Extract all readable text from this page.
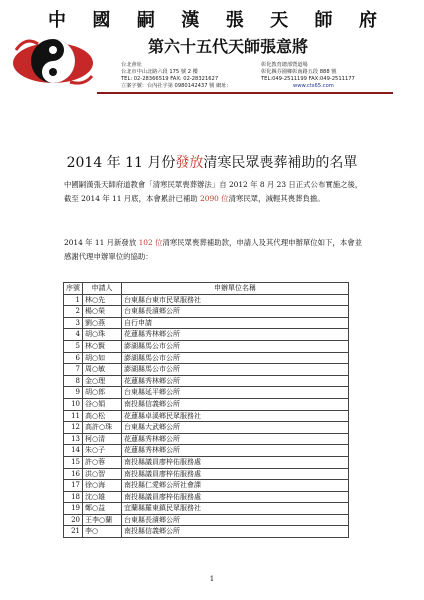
中 國 嗣 漢 張 天 師 府
第六十五代天師張意將
台北會址
台北市中山北路六段 175 號 2 樓
TEL: 02-28366519 FAX: 02-28321627
彰化教育總部暨道場
彰化縣芬園鄉彰南路五段 888 號
TEL:049-2511199 FAX:049-2511177
立案字號：台內社字第 0980142437 號 網址：	www.cts65.com
2014 年 11 月份發放清寒民眾喪葬補助的名單
中國嗣漢張天師府道教會「清寒民眾喪葬辦法」自 2012 年 8 月 23 日正式公布實施之後，截至 2014 年 11 月底，本會累計已補助 2090 位清寒民眾，減輕其喪葬負擔。
2014 年 11 月新發放 102 位清寒民眾喪葬補助款，申請人及其代理申辦單位如下，本會並感謝代理申辦單位的協助：
序號	申請人	申辦單位名稱
1	林○先	台東縣台東市民眾服務社
2	楊○榮	台東縣長濱鄉公所
3	劉○燕	自行申請
4	胡○珠	花蓮縣秀林鄉公所
5	林○賢	澎湖縣馬公市公所
6	胡○如	澎湖縣馬公市公所
7	周○敏	澎湖縣馬公市公所
8	金○理	花蓮縣秀林鄉公所
9	胡○郎	台東縣延平鄉公所
10	谷○娟	南投縣信義鄉公所
11	高○松	花蓮縣卓溪鄉民眾服務社
12	高許○珠	台東縣大武鄉公所
13	柯○清	花蓮縣秀林鄉公所
14	朱○子	花蓮縣秀林鄉公所
15	許○蓉	南投縣議員廖梓佑服務處
16	洪○智	南投縣議員廖梓佑服務處
17	徐○海	南投縣仁愛鄉公所社會課
18	沈○雄	南投縣議員廖梓佑服務處
19	鄭○益	宜蘭縣羅東鎮民眾服務社
20	王李○蘭	台東縣長濱鄉公所
21	李○	南投縣信義鄉公所
1
